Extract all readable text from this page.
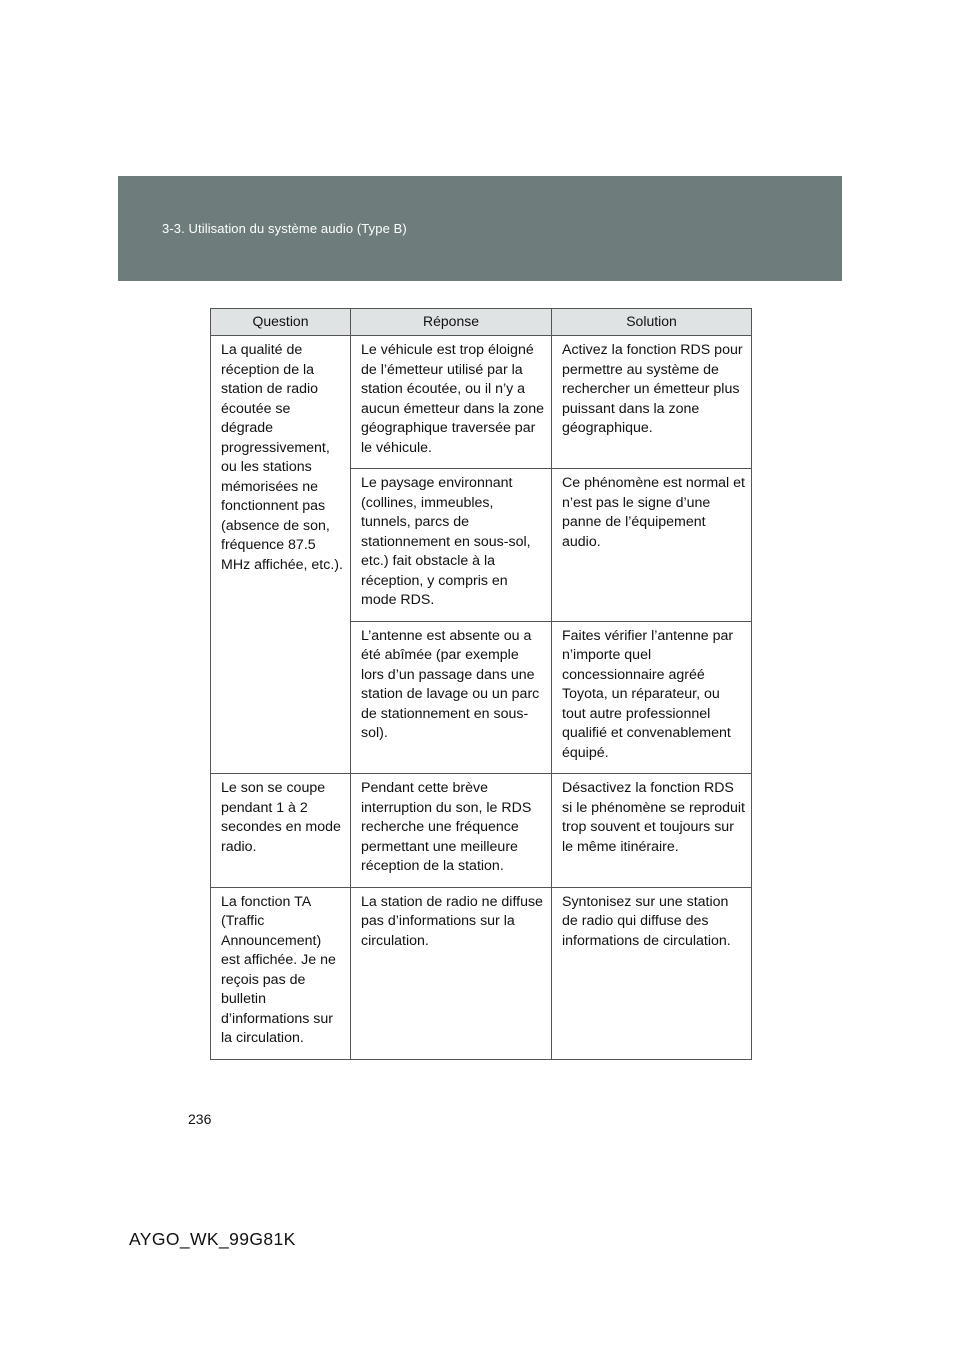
3-3. Utilisation du système audio (Type B)
Question	Réponse	Solution
La qualité de réception de la station de radio écoutée se dégrade progressivement, ou les stations mémorisées ne fonctionnent pas (absence de son, fréquence 87.5 MHz affichée, etc.).	Le véhicule est trop éloigné de l’émetteur utilisé par la station écoutée, ou il n’y a aucun émetteur dans la zone géographique traversée par le véhicule.	Activez la fonction RDS pour permettre au système de rechercher un émetteur plus puissant dans la zone géographique.
	Le paysage environnant (collines, immeubles, tunnels, parcs de stationnement en sous-sol, etc.) fait obstacle à la réception, y compris en mode RDS.	Ce phénomène est normal et n’est pas le signe d’une panne de l’équipement audio.
	L’antenne est absente ou a été abîmée (par exemple lors d’un passage dans une station de lavage ou un parc de stationnement en sous-sol).	Faites vérifier l’antenne par n’importe quel concessionnaire agréé Toyota, un réparateur, ou tout autre professionnel qualifié et convenablement équipé.
Le son se coupe pendant 1 à 2 secondes en mode radio.	Pendant cette brève interruption du son, le RDS recherche une fréquence permettant une meilleure réception de la station.	Désactivez la fonction RDS si le phénomène se reproduit trop souvent et toujours sur le même itinéraire.
La fonction TA (Traffic Announcement) est affichée. Je ne reçois pas de bulletin d’informations sur la circulation.	La station de radio ne diffuse pas d’informations sur la circulation.	Syntonisez sur une station de radio qui diffuse des informations de circulation.
236
AYGO_WK_99G81K
